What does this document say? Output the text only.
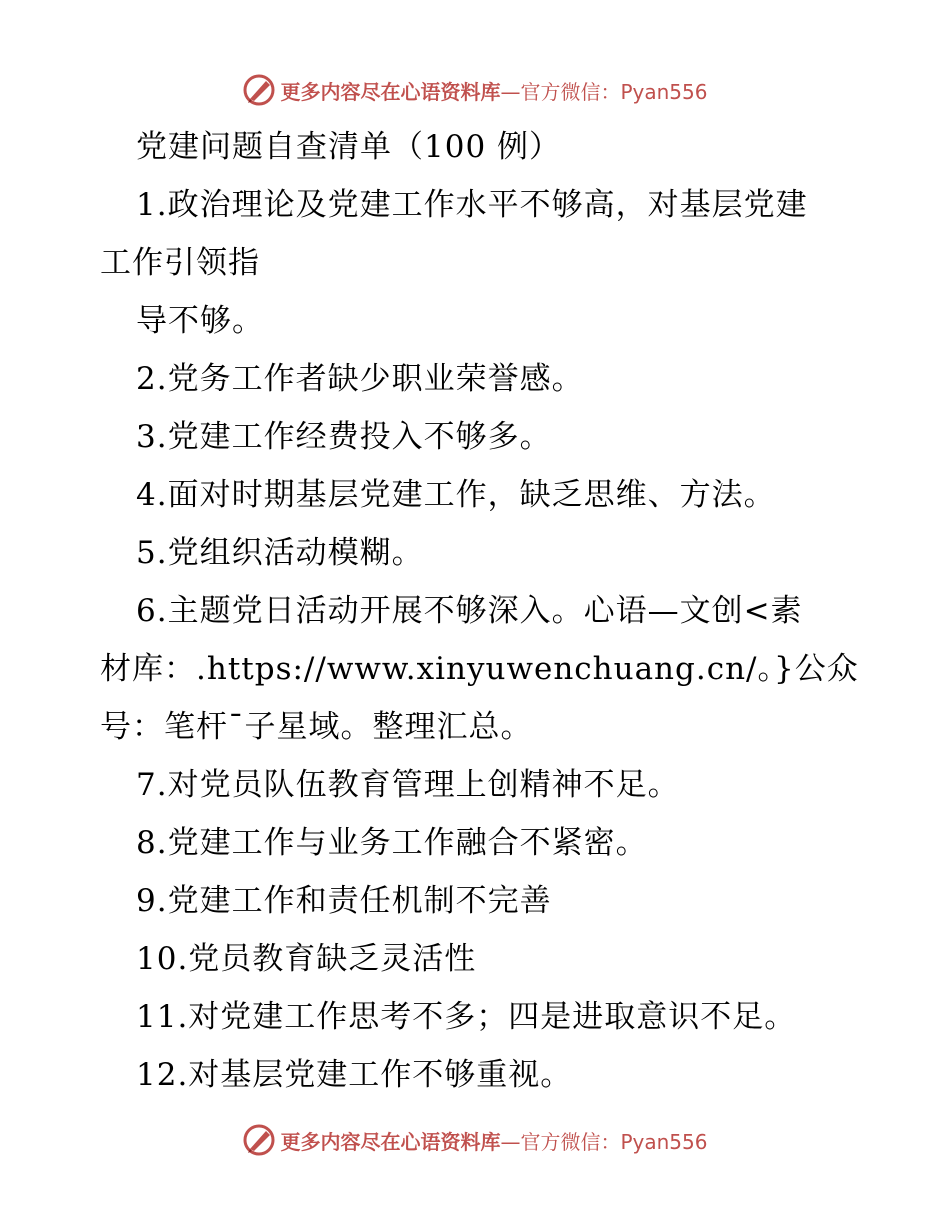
更多内容尽在心语资料库—官方微信：Pyan556
党建问题自查清单（100 例）
1.政治理论及党建工作水平不够高，对基层党建
工作引领指
导不够。
2.党务工作者缺少职业荣誉感。
3.党建工作经费投入不够多。
4.面对时期基层党建工作，缺乏思维、方法。
5.党组织活动模糊。
6.主题党日活动开展不够深入。心语—文创<素
材库：.https://www.xinyuwenchuang.cn/。}公众
号：笔杆¯子星域。整理汇总。
7.对党员队伍教育管理上创精神不足。
8.党建工作与业务工作融合不紧密。
9.党建工作和责任机制不完善
10.党员教育缺乏灵活性
11.对党建工作思考不多；四是进取意识不足。
12.对基层党建工作不够重视。
更多内容尽在心语资料库—官方微信：Pyan556
